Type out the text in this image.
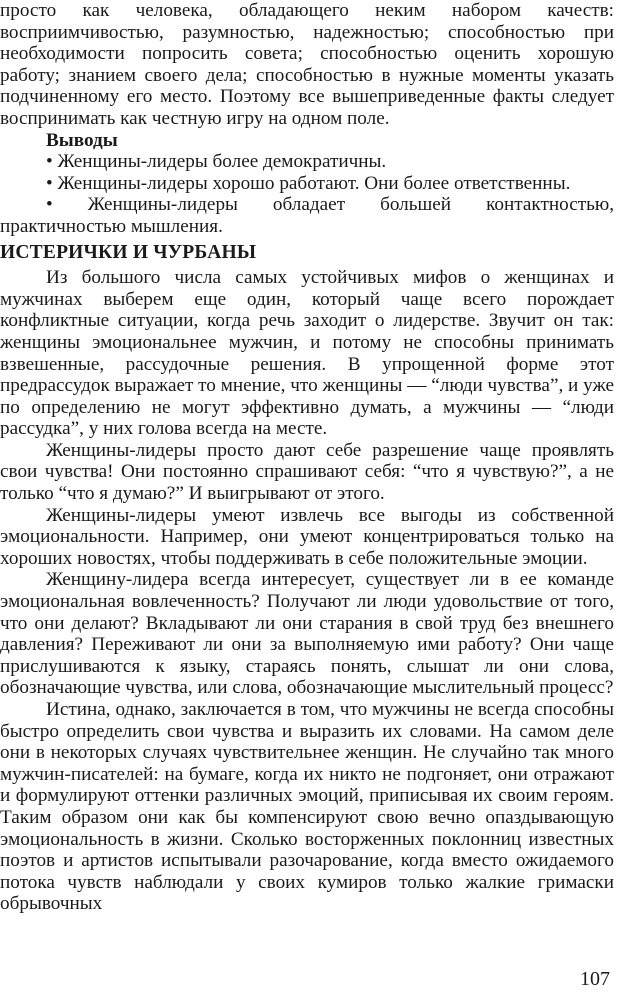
просто как человека, обладающего неким набором качеств: восприимчивостью, разумностью, надежностью; способностью при необходимости попросить совета; способностью оценить хорошую работу; знанием своего дела; способностью в нужные моменты указать подчиненному его место. Поэтому все вышеприведенные факты следует воспринимать как честную игру на одном поле.

Выводы

• Женщины-лидеры более демократичны.

• Женщины-лидеры хорошо работают. Они более ответственны.

• Женщины-лидеры обладает большей контактностью, практичностью мышления.

ИСТЕРИЧКИ И ЧУРБАНЫ

Из большого числа самых устойчивых мифов о женщинах и мужчинах выберем еще один, который чаще всего порождает конфликтные ситуации, когда речь заходит о лидерстве. Звучит он так: женщины эмоциональнее мужчин, и потому не способны принимать взвешенные, рассудочные решения. В упрощенной форме этот предрассудок выражает то мнение, что женщины — “люди чувства”, и уже по определению не могут эффективно думать, а мужчины — “люди рассудка”, у них голова всегда на месте.

Женщины-лидеры просто дают себе разрешение чаще проявлять свои чувства! Они постоянно спрашивают себя: “что я чувствую?”, а не только “что я думаю?” И выигрывают от этого.

Женщины-лидеры умеют извлечь все выгоды из собственной эмоциональности. Например, они умеют концентрироваться только на хороших новостях, чтобы поддерживать в себе положительные эмоции.

Женщину-лидера всегда интересует, существует ли в ее команде эмоциональная вовлеченность? Получают ли люди удовольствие от того, что они делают? Вкладывают ли они старания в свой труд без внешнего давления? Переживают ли они за выполняемую ими работу? Они чаще прислушиваются к языку, стараясь понять, слышат ли они слова, обозначающие чувства, или слова, обозначающие мыслительный процесс?

Истина, однако, заключается в том, что мужчины не всегда способны быстро определить свои чувства и выразить их словами. На самом деле они в некоторых случаях чувствительнее женщин. Не случайно так много мужчин-писателей: на бумаге, когда их никто не подгоняет, они отражают и формулируют оттенки различных эмоций, приписывая их своим героям. Таким образом они как бы компенсируют свою вечно опаздывающую эмоциональность в жизни. Сколько восторженных поклонниц известных поэтов и артистов испытывали разочарование, когда вместо ожидаемого потока чувств наблюдали у своих кумиров только жалкие гримаски обрывочных

107
